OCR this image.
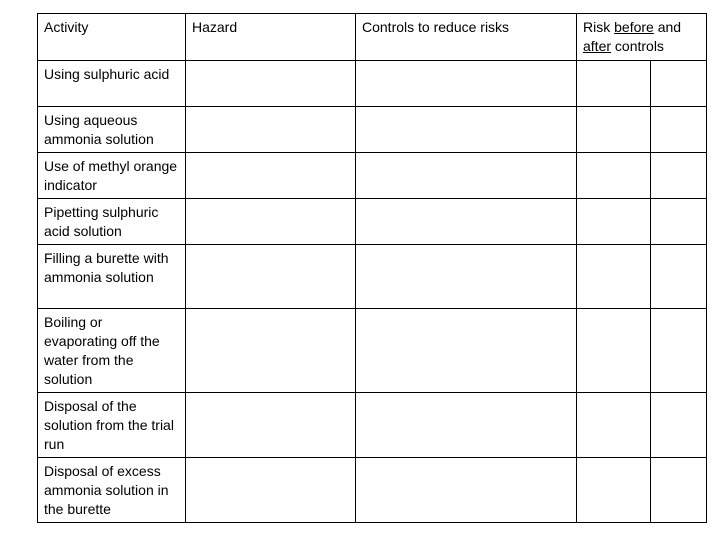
Activity	Hazard	Controls to reduce risks	Risk before and after controls	
Using sulphuric acid				
Using aqueous ammonia solution				
Use of methyl orange indicator				
Pipetting sulphuric acid solution				
Filling a burette with ammonia solution				
Boiling or evaporating off the water from the solution				
Disposal of the solution from the trial run				
Disposal of excess ammonia solution in the burette				
